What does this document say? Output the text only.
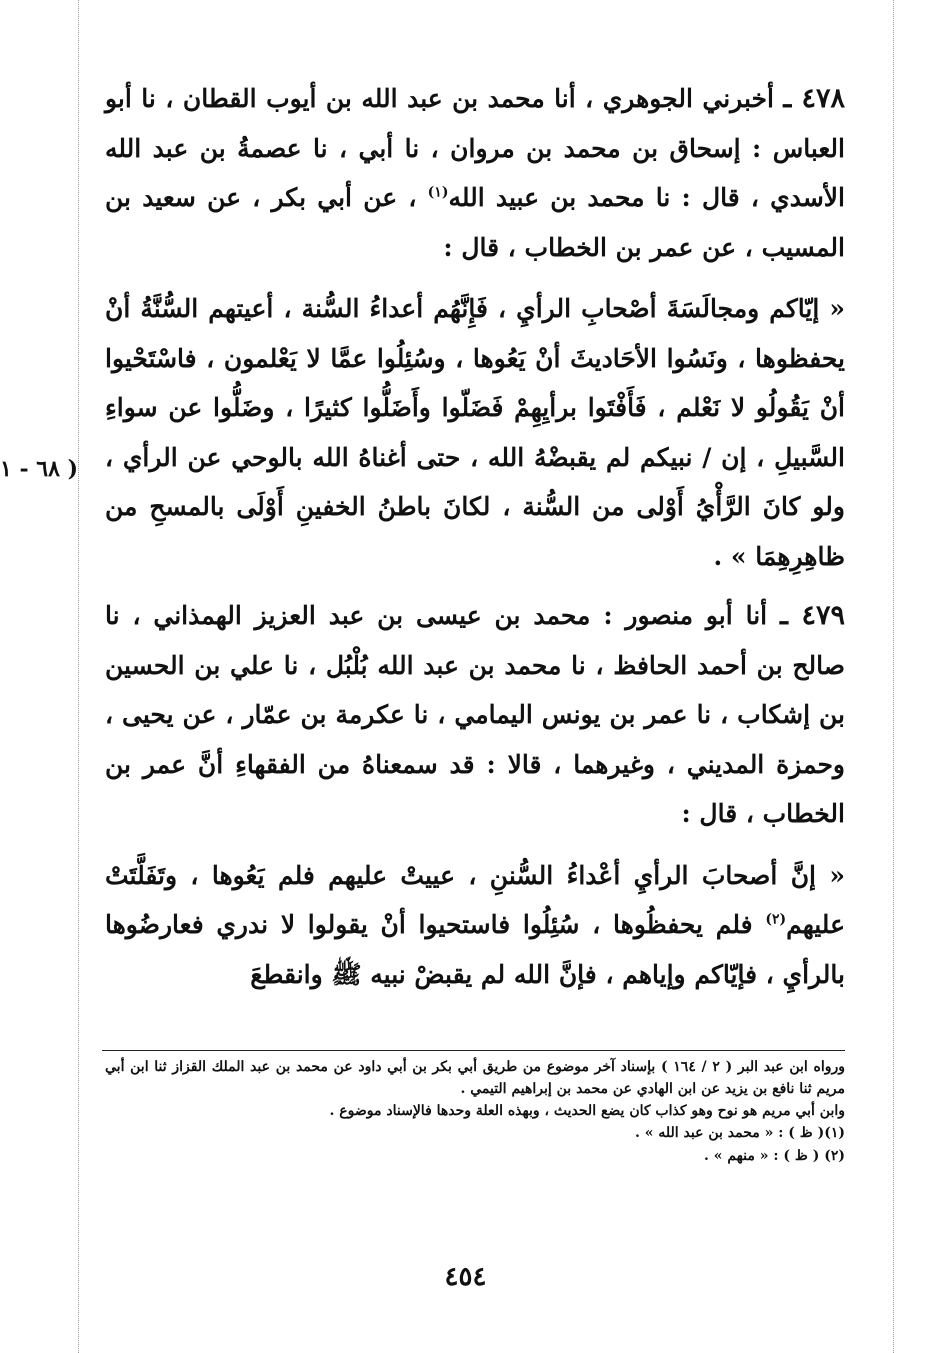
( ٦٨ - ١

٤٧٨ ـ أخبرني الجوهري ، أنا محمد بن عبد الله بن أيوب القطان ، نا أبو العباس : إسحاق بن محمد بن مروان ، نا أبي ، نا عصمةُ بن عبد الله الأسدي ، قال : نا محمد بن عبيد الله$^{(١)}$ ، عن أبي بكر ، عن سعيد بن المسيب ، عن عمر بن الخطاب ، قال :

« إيّاكم ومجالَسَةَ أصْحابِ الرأيِ ، فَإِنَّهُم أعداءُ السُّنة ، أعيتهم السُّنَّةُ أنْ يحفظوها ، ونَسُوا الأحَاديثَ أنْ يَعُوها ، وسُئِلُوا عمَّا لا يَعْلمون ، فاسْتَحْيوا أنْ يَقُولُو لا نَعْلم ، فَأَفْتَوا برأيِهِمْ فَضَلّوا وأَضَلُّوا كثيرًا ، وضَلُّوا عن سواءِ السَّبيلِ ، إن / نبيكم لم يقبضْهُ الله ، حتى أغناهُ الله بالوحي عن الرأي ، ولو كانَ الرَّأْيُ أَوْلى من السُّنة ، لكانَ باطنُ الخفينِ أَوْلَى بالمسحِ من ظاهِرِهِمَا » .

٤٧٩ ـ أنا أبو منصور : محمد بن عيسى بن عبد العزيز الهمذاني ، نا صالح بن أحمد الحافظ ، نا محمد بن عبد الله بُلْبُل ، نا علي بن الحسين بن إشكاب ، نا عمر بن يونس اليمامي ، نا عكرمة بن عمّار ، عن يحيى ، وحمزة المديني ، وغيرهما ، قالا : قد سمعناهُ من الفقهاءِ أنَّ عمر بن الخطاب ، قال :

« إنَّ أصحابَ الرأيِ أعْداءُ السُّننِ ، عييتْ عليهم فلم يَعُوها ، وتَفَلَّتَتْ عليهم$^{(٢)}$ فلم يحفظُوها ، سُئِلُوا فاستحيوا أنْ يقولوا لا ندري فعارضُوها بالرأيِ ، فإيّاكم وإياهم ، فإنَّ الله لم يقبضْ نبيه ﷺ وانقطعَ

ورواه ابن عبد البر ( ٢ / ١٦٤ ) بإسناد آخر موضوع من طريق أبي بكر بن أبي داود عن محمد بن عبد الملك القزاز ثنا ابن أبي مريم ثنا نافع بن يزيد عن ابن الهادي عن محمد بن إبراهيم التيمي .

وابن أبي مريم هو نوح وهو كذاب كان يضع الحديث ، وبهذه العلة وحدها فالإسناد موضوع .

(١)( ظ ) : « محمد بن عبد الله » .

(٢) ( ظ ) : « منهم » .

٤٥٤
